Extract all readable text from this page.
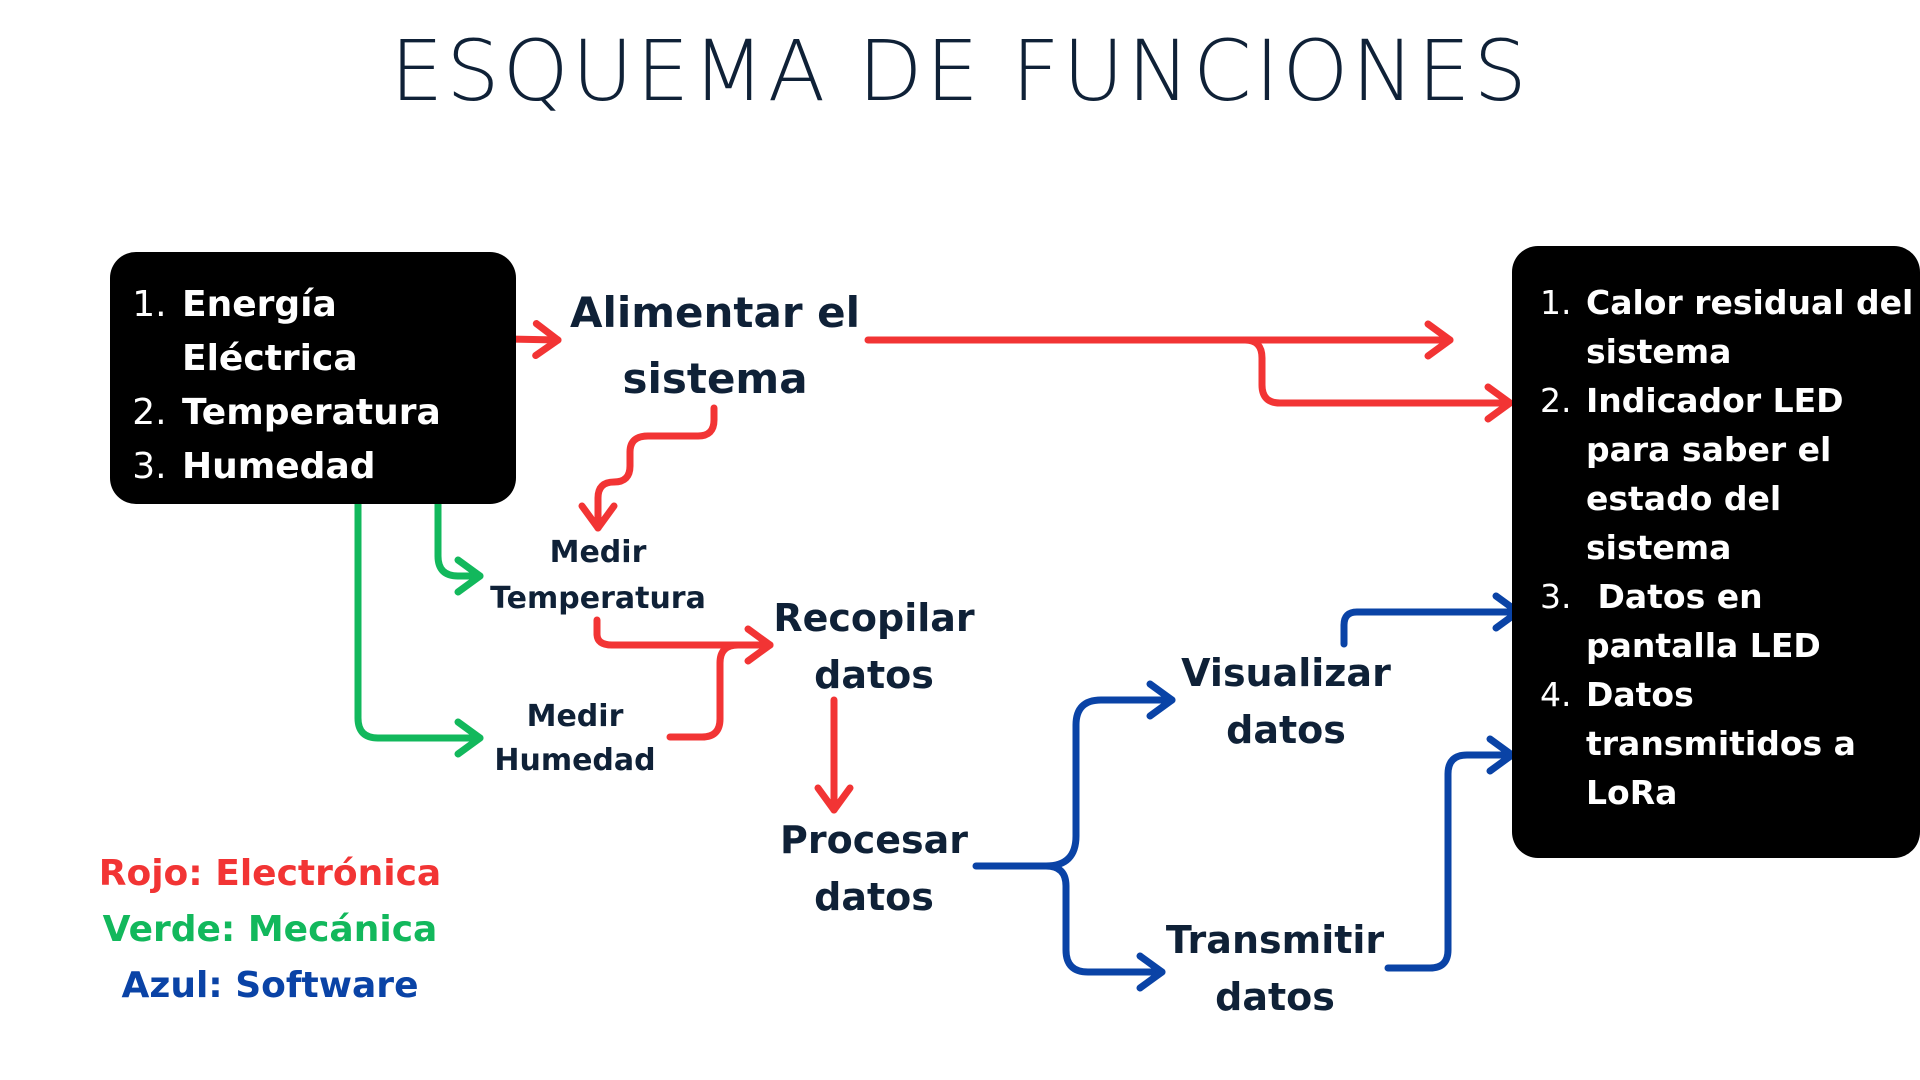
ESQUEMA DE FUNCIONES
1. Energía Eléctrica
2. Temperatura
3. Humedad
1. Calor residual del sistema
2. Indicador LED para saber el estado del sistema
3.  Datos en pantalla LED
4. Datos transmitidos a LoRa
Alimentar el
sistema
Medir
Temperatura
Medir
Humedad
Recopilar
datos
Procesar
datos
Visualizar
datos
Transmitir
datos
Rojo: Electrónica
Verde: Mecánica
Azul: Software
